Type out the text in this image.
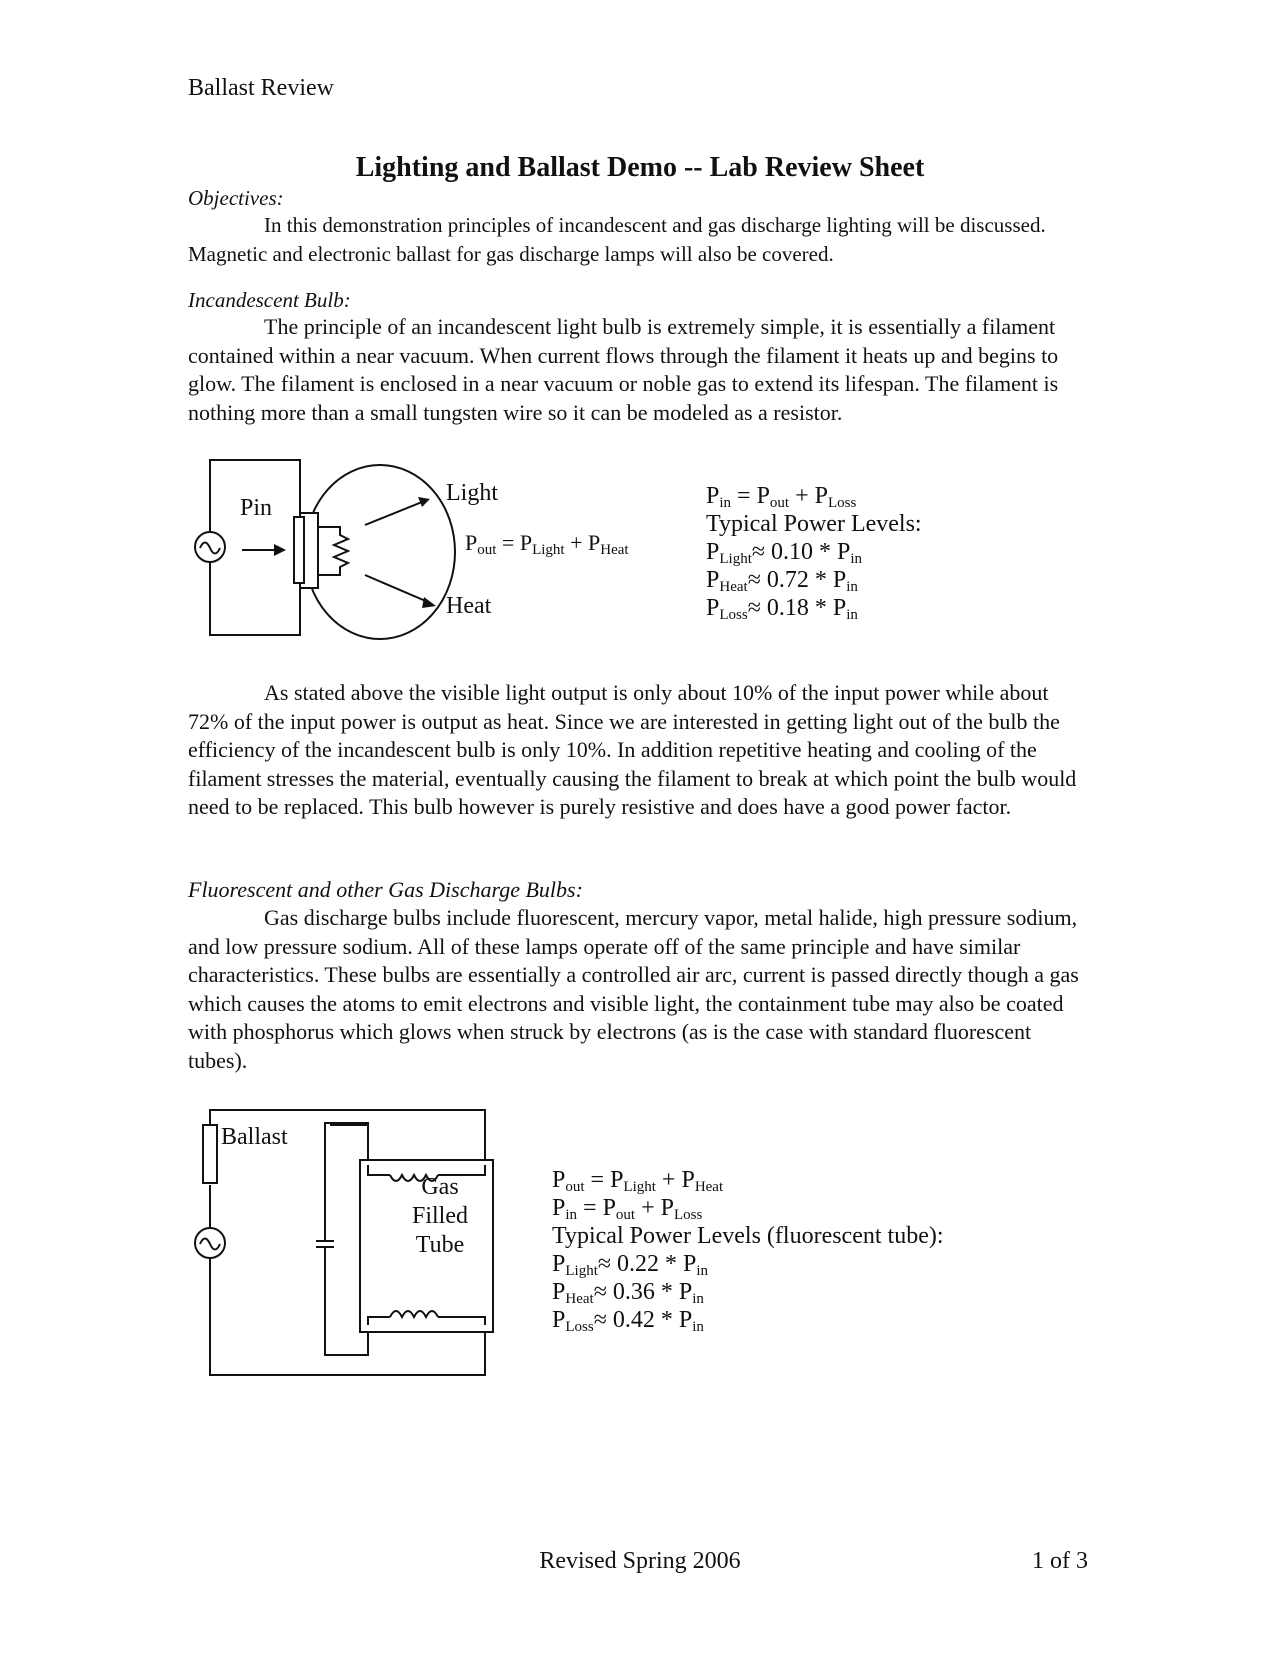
Ballast Review
Lighting and Ballast Demo -- Lab Review Sheet
Objectives:
In this demonstration principles of incandescent and gas discharge lighting will be discussed. Magnetic and electronic ballast for gas discharge lamps will also be covered.
Incandescent Bulb:
The principle of an incandescent light bulb is extremely simple, it is essentially a filament contained within a near vacuum. When current flows through the filament it heats up and begins to glow. The filament is enclosed in a near vacuum or noble gas to extend its lifespan. The filament is nothing more than a small tungsten wire so it can be modeled as a resistor.
Pin
Light
Heat
$P_{out} = P_{Light} + P_{Heat}$
$P_{in} = P_{out} + P_{Loss}$
Typical Power Levels:
$P_{Light}\approx 0.10 * P_{in}$
$P_{Heat}\approx 0.72 * P_{in}$
$P_{Loss}\approx 0.18 * P_{in}$
As stated above the visible light output is only about 10% of the input power while about 72% of the input power is output as heat. Since we are interested in getting light out of the bulb the efficiency of the incandescent bulb is only 10%. In addition repetitive heating and cooling of the filament stresses the material, eventually causing the filament to break at which point the bulb would need to be replaced. This bulb however is purely resistive and does have a good power factor.
Fluorescent and other Gas Discharge Bulbs:
Gas discharge bulbs include fluorescent, mercury vapor, metal halide, high pressure sodium, and low pressure sodium. All of these lamps operate off of the same principle and have similar characteristics. These bulbs are essentially a controlled air arc, current is passed directly though a gas which causes the atoms to emit electrons and visible light, the containment tube may also be coated with phosphorus which glows when struck by electrons (as is the case with standard fluorescent tubes).
Ballast
Gas
Filled
Tube
$P_{out} = P_{Light} + P_{Heat}$
$P_{in} = P_{out} + P_{Loss}$
Typical Power Levels (fluorescent tube):
$P_{Light}\approx 0.22 * P_{in}$
$P_{Heat}\approx 0.36 * P_{in}$
$P_{Loss}\approx 0.42 * P_{in}$
Revised Spring 2006	1 of 3
